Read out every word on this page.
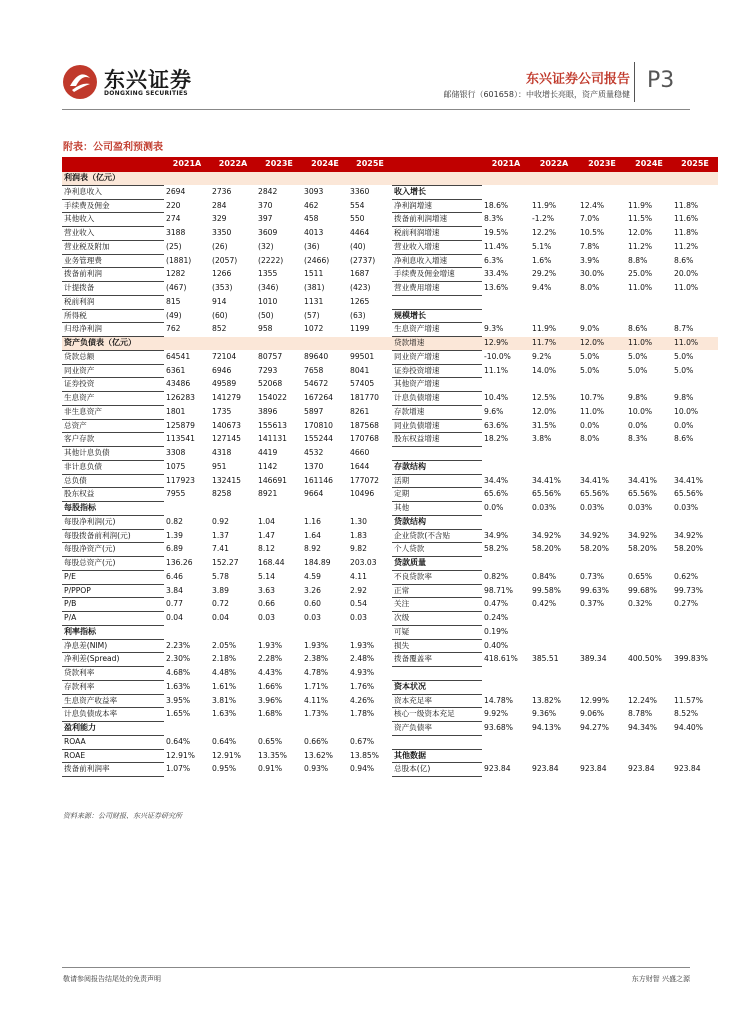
东兴证券
DONGXING SECURITIES
东兴证券公司报告
邮储银行（601658）：中收增长亮眼，资产质量稳健
P3
附表：公司盈利预测表
	2021A	2022A	2023E	2024E	2025E		2021A	2022A	2023E	2024E	2025E
利润表（亿元）											
净利息收入	2694	2736	2842	3093	3360	收入增长					
手续费及佣金	220	284	370	462	554	净利润增速	18.6%	11.9%	12.4%	11.9%	11.8%
其他收入	274	329	397	458	550	拨备前利润增速	8.3%	-1.2%	7.0%	11.5%	11.6%
营业收入	3188	3350	3609	4013	4464	税前利润增速	19.5%	12.2%	10.5%	12.0%	11.8%
营业税及附加	(25)	(26)	(32)	(36)	(40)	营业收入增速	11.4%	5.1%	7.8%	11.2%	11.2%
业务管理费	(1881)	(2057)	(2222)	(2466)	(2737)	净利息收入增速	6.3%	1.6%	3.9%	8.8%	8.6%
拨备前利润	1282	1266	1355	1511	1687	手续费及佣金增速	33.4%	29.2%	30.0%	25.0%	20.0%
计提拨备	(467)	(353)	(346)	(381)	(423)	营业费用增速	13.6%	9.4%	8.0%	11.0%	11.0%
税前利润	815	914	1010	1131	1265						
所得税	(49)	(60)	(50)	(57)	(63)	规模增长					
归母净利润	762	852	958	1072	1199	生息资产增速	9.3%	11.9%	9.0%	8.6%	8.7%
资产负债表（亿元）						贷款增速	12.9%	11.7%	12.0%	11.0%	11.0%
贷款总额	64541	72104	80757	89640	99501	同业资产增速	-10.0%	9.2%	5.0%	5.0%	5.0%
同业资产	6361	6946	7293	7658	8041	证券投资增速	11.1%	14.0%	5.0%	5.0%	5.0%
证券投资	43486	49589	52068	54672	57405	其他资产增速					
生息资产	126283	141279	154022	167264	181770	计息负债增速	10.4%	12.5%	10.7%	9.8%	9.8%
非生息资产	1801	1735	3896	5897	8261	存款增速	9.6%	12.0%	11.0%	10.0%	10.0%
总资产	125879	140673	155613	170810	187568	同业负债增速	63.6%	31.5%	0.0%	0.0%	0.0%
客户存款	113541	127145	141131	155244	170768	股东权益增速	18.2%	3.8%	8.0%	8.3%	8.6%
其他计息负债	3308	4318	4419	4532	4660						
非计息负债	1075	951	1142	1370	1644	存款结构					
总负债	117923	132415	146691	161146	177072	活期	34.4%	34.41%	34.41%	34.41%	34.41%
股东权益	7955	8258	8921	9664	10496	定期	65.6%	65.56%	65.56%	65.56%	65.56%
每股指标						其他	0.0%	0.03%	0.03%	0.03%	0.03%
每股净利润(元)	0.82	0.92	1.04	1.16	1.30	贷款结构					
每股拨备前利润(元)	1.39	1.37	1.47	1.64	1.83	企业贷款(不含贴	34.9%	34.92%	34.92%	34.92%	34.92%
每股净资产(元)	6.89	7.41	8.12	8.92	9.82	个人贷款	58.2%	58.20%	58.20%	58.20%	58.20%
每股总资产(元)	136.26	152.27	168.44	184.89	203.03	贷款质量					
P/E	6.46	5.78	5.14	4.59	4.11	不良贷款率	0.82%	0.84%	0.73%	0.65%	0.62%
P/PPOP	3.84	3.89	3.63	3.26	2.92	正常	98.71%	99.58%	99.63%	99.68%	99.73%
P/B	0.77	0.72	0.66	0.60	0.54	关注	0.47%	0.42%	0.37%	0.32%	0.27%
P/A	0.04	0.04	0.03	0.03	0.03	次级	0.24%				
利率指标						可疑	0.19%				
净息差(NIM)	2.23%	2.05%	1.93%	1.93%	1.93%	损失	0.40%				
净利差(Spread)	2.30%	2.18%	2.28%	2.38%	2.48%	拨备覆盖率	418.61%	385.51	389.34	400.50%	399.83%
贷款利率	4.68%	4.48%	4.43%	4.78%	4.93%						
存款利率	1.63%	1.61%	1.66%	1.71%	1.76%	资本状况					
生息资产收益率	3.95%	3.81%	3.96%	4.11%	4.26%	资本充足率	14.78%	13.82%	12.99%	12.24%	11.57%
计息负债成本率	1.65%	1.63%	1.68%	1.73%	1.78%	核心一级资本充足	9.92%	9.36%	9.06%	8.78%	8.52%
盈利能力						资产负债率	93.68%	94.13%	94.27%	94.34%	94.40%
ROAA	0.64%	0.64%	0.65%	0.66%	0.67%						
ROAE	12.91%	12.91%	13.35%	13.62%	13.85%	其他数据					
拨备前利润率	1.07%	0.95%	0.91%	0.93%	0.94%	总股本(亿)	923.84	923.84	923.84	923.84	923.84
资料来源：公司财报、东兴证券研究所
敬请参阅报告结尾处的免责声明	东方财智 兴盛之源
